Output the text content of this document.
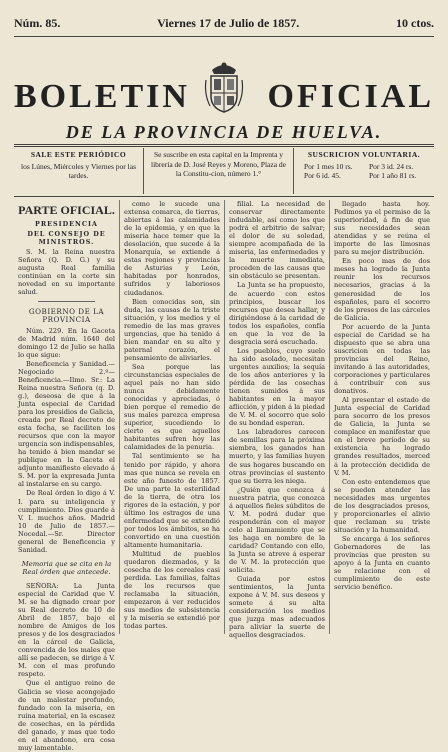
Núm. 85.	Viernes 17 de Julio de 1857.	10 ctos.
BOLETIN OFICIAL
DE LA PROVINCIA DE HUELVA.
SALE ESTE PERIÓDICO
los Lúnes, Miércoles y Viernes por las tardes.
Se suscribe en esta capital en la Imprenta y librería de D. José Reyes y Moreno, Plaza de la Constitu-cion, número 1.°
SUSCRICION VOLUNTARIA.
Por 1 mes 10 rs.	Por 3 id. 24 rs.
Por 6 id. 45.	Por 1 año 81 rs.
PARTE OFICIAL.
PRESIDENCIA
DEL CONSEJO DE MINISTROS.

S. M. la Reina nuestra Señora (Q. D. G.) y su augusta Real familia continúan en la corte sin novedad en su importante salud.

GOBIERNO DE LA PROVINCIA

Núm. 229. En la Gaceta de Madrid núm. 1640 del domingo 12 de Julio se halla lo que sigue:

Beneficencia y Sanidad.—Negociado 2.º—Beneficencia.—Ilmo. Sr.: La Reina nuestra Señora (q. D. g.), deseosa de que á la Junta especial de Caridad para los presidios de Galicia, creada por Real decreto de esta fecha, se faciliten los recursos que con la mayor urgencia son indispensables, ha tenido á bien mandar se publique en la Gaceta el adjunto manifiesto elevado á S. M. por la expresada Junta al instalarse en su cargo.

De Real órden lo digo á V. I. para su inteligencia y cumplimiento. Dios guarde á V. I. muchos años. Madrid 10 de Julio de 1857.—Nocedal.—Sr. Director general de Beneficencia y Sanidad.

Memoria que se cita en la Real órden que antecede.

SEÑORA: La Junta especial de Caridad que V. M. se ha dignado crear por su Real decreto de 10 de Abril de 1857, bajo el nombre de Amigos de los presos y de los desgraciados en la cárcel de Galicia, convencida de los males que allí se padecen, se dirige á V. M. con el mas profundo respeto.

Que el antiguo reino de Galicia se viese acongojado de un malestar profundo, fundado con la miseria, en ruina material, en la escasez de cosechas, en la pérdida del ganado, y mas que todo en el abandono, era cosa muy lamentable.

como le sucede una extensa comarca, de tierras, abiertas á las calamidades de la epidemia, y en que la miseria hace temer que la desolación, que sucede á la Monarquía, se extiende á estas regiones y provincias de Asturias y León, habitadas por honrados, sufridos y laboriosos ciudadanos.

Bien conocidas son, sin duda, las causas de la triste situación, y los medios y el remedio de las mas graves urgencias, que ha tenido á bien mandar en su alto y paternal corazón, el pensamiento de aliviarles.

Sea porque las circunstancias especiales de aquel país no han sido nunca debidamente conocidas y apreciadas, ó bien porque el remedio de sus males parezca empresa superior, sucediendo lo cierto es que aquellos habitantes sufren hoy las calamidades de la penuria.

Tal sentimiento se ha tenido por rápido, y ahora mas que nunca se revela en este año funesto de 1857. De una parte la esterilidad de la tierra, de otra los rigores de la estación, y por último los estragos de una enfermedad que se extendió por todos los ámbitos, se ha convertido en una cuestión altamente humanitaria.

Multitud de pueblos quedaron diezmados, y la cosecha de los cereales casi perdida. Las familias, faltas de los recursos que reclamaba la situación, empezaron á ver reducidos sus medios de subsistencia y la miseria se extendió por todas partes.

filial. La necesidad de conservar directamente indudable, así como los que podrá el arbitrio de salvar; el dolor de su soledad, siempre acompañada de la miseria, las enfermedades y la muerte inmediata, proceden de las causas que sin obstáculo se presentan.

La Junta se ha propuesto, de acuerdo con estos principios, buscar los recursos que desea hallar, y dirigiéndose á la caridad de todos los españoles, confía en que la voz de la desgracia será escuchada.

Los pueblos, cuyo suelo ha sido asolado, necesitan urgentes auxilios; la sequía de los años anteriores y la pérdida de las cosechas tienen sumidos á sus habitantes en la mayor aflicción, y piden á la piedad de V. M. el socorro que solo de su bondad esperan.

Los labradores carecen de semillas para la próxima siembra, los ganados han muerto, y las familias huyen de sus hogares buscando en otras provincias el sustento que su tierra les niega.

¿Quién que conozca á nuestra patria, que conozca á aquellos fieles súbditos de V. M. podrá dudar que responderán con el mayor celo al llamamiento que se les haga en nombre de la caridad? Contando con ello, la Junta se atreve á esperar de V. M. la protección que solicita.

Guiada por estos sentimientos, la Junta expone á V. M. sus deseos y somete á su alta consideración los medios que juzga mas adecuados para aliviar la suerte de aquellos desgraciados.

llegado hasta hoy. Pedimos ya el permiso de la superioridad, á fin de que sus necesidades sean atendidas y se reúna el importe de las limosnas para su mejor distribución.

En poco mas de dos meses ha logrado la Junta reunir los recursos necesarios, gracias á la generosidad de los españoles, para el socorro de los presos de las cárceles de Galicia.

Por acuerdo de la Junta especial de Caridad se ha dispuesto que se abra una suscricion en todas las provincias del Reino, invitando á las autoridades, corporaciones y particulares á contribuir con sus donativos.

Al presentar el estado de Junta especial de Caridad para socorro de los presos de Galicia, la Junta se complace en manifestar que en el breve período de su existencia ha logrado grandes resultados, merced á la protección decidida de V. M.

Con esto entendemos que se pueden atender las necesidades mas urgentes de los desgraciados presos, y proporcionarles el alivio que reclaman su triste situación y la humanidad.

Se encarga á los señores Gobernadores de las provincias que presten su apoyo á la Junta en cuanto se relacione con el cumplimiento de este servicio benéfico.
